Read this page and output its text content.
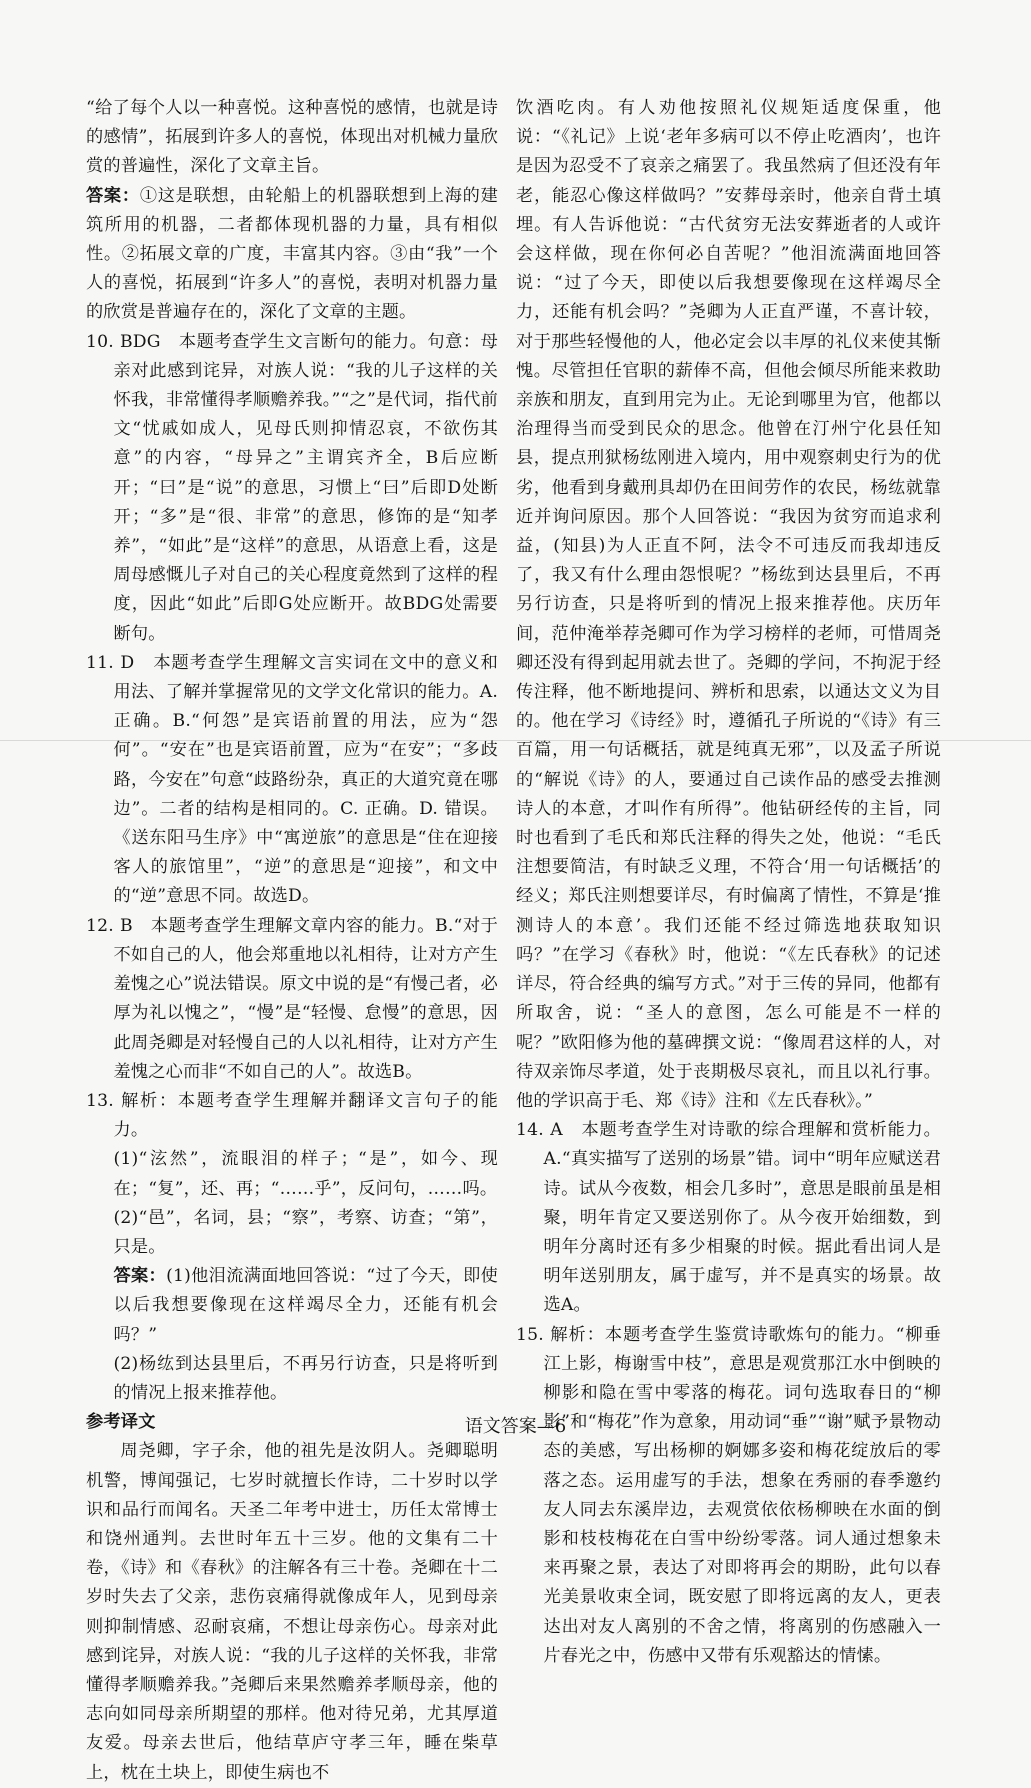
“给了每个人以一种喜悦。这种喜悦的感情，也就是诗的感情”，拓展到许多人的喜悦，体现出对机械力量欣赏的普遍性，深化了文章主旨。

答案：①这是联想，由轮船上的机器联想到上海的建筑所用的机器，二者都体现机器的力量，具有相似性。②拓展文章的广度，丰富其内容。③由“我”一个人的喜悦，拓展到“许多人”的喜悦，表明对机器力量的欣赏是普遍存在的，深化了文章的主题。

10. BDG　本题考查学生文言断句的能力。句意：母亲对此感到诧异，对族人说：“我的儿子这样的关怀我，非常懂得孝顺赡养我。”“之”是代词，指代前文“忧戚如成人，见母氏则抑情忍哀，不欲伤其意”的内容，“母异之”主谓宾齐全，B后应断开；“曰”是“说”的意思，习惯上“曰”后即D处断开；“多”是“很、非常”的意思，修饰的是“知孝养”，“如此”是“这样”的意思，从语意上看，这是周母感慨儿子对自己的关心程度竟然到了这样的程度，因此“如此”后即G处应断开。故BDG处需要断句。

11. D　本题考查学生理解文言实词在文中的意义和用法、了解并掌握常见的文学文化常识的能力。A. 正确。B.“何怨”是宾语前置的用法，应为“怨何”。“安在”也是宾语前置，应为“在安”；“多歧路，今安在”句意“歧路纷杂，真正的大道究竟在哪边”。二者的结构是相同的。C. 正确。D. 错误。《送东阳马生序》中“寓逆旅”的意思是“住在迎接客人的旅馆里”，“逆”的意思是“迎接”，和文中的“逆”意思不同。故选D。

12. B　本题考查学生理解文章内容的能力。B.“对于不如自己的人，他会郑重地以礼相待，让对方产生羞愧之心”说法错误。原文中说的是“有慢己者，必厚为礼以愧之”，“慢”是“轻慢、怠慢”的意思，因此周尧卿是对轻慢自己的人以礼相待，让对方产生羞愧之心而非“不如自己的人”。故选B。

13. 解析：本题考查学生理解并翻译文言句子的能力。

(1)“泫然”，流眼泪的样子；“是”，如今、现在；“复”，还、再；“……乎”，反问句，……吗。

(2)“邑”，名词，县；“察”，考察、访查；“第”，只是。

答案：(1)他泪流满面地回答说：“过了今天，即使以后我想要像现在这样竭尽全力，还能有机会吗？”

(2)杨纮到达县里后，不再另行访查，只是将听到的情况上报来推荐他。

参考译文

周尧卿，字子余，他的祖先是汝阴人。尧卿聪明机警，博闻强记，七岁时就擅长作诗，二十岁时以学识和品行而闻名。天圣二年考中进士，历任太常博士和饶州通判。去世时年五十三岁。他的文集有二十卷，《诗》和《春秋》的注解各有三十卷。尧卿在十二岁时失去了父亲，悲伤哀痛得就像成年人，见到母亲则抑制情感、忍耐哀痛，不想让母亲伤心。母亲对此感到诧异，对族人说：“我的儿子这样的关怀我，非常懂得孝顺赡养我。”尧卿后来果然赡养孝顺母亲，他的志向如同母亲所期望的那样。他对待兄弟，尤其厚道友爱。母亲去世后，他结草庐守孝三年，睡在柴草上，枕在土块上，即使生病也不

饮酒吃肉。有人劝他按照礼仪规矩适度保重，他说：“《礼记》上说‘老年多病可以不停止吃酒肉’，也许是因为忍受不了哀亲之痛罢了。我虽然病了但还没有年老，能忍心像这样做吗？”安葬母亲时，他亲自背土填埋。有人告诉他说：“古代贫穷无法安葬逝者的人或许会这样做，现在你何必自苦呢？”他泪流满面地回答说：“过了今天，即使以后我想要像现在这样竭尽全力，还能有机会吗？”尧卿为人正直严谨，不喜计较，对于那些轻慢他的人，他必定会以丰厚的礼仪来使其惭愧。尽管担任官职的薪俸不高，但他会倾尽所能来救助亲族和朋友，直到用完为止。无论到哪里为官，他都以治理得当而受到民众的思念。他曾在汀州宁化县任知县，提点刑狱杨纮刚进入境内，用中观察刺史行为的优劣，他看到身戴刑具却仍在田间劳作的农民，杨纮就靠近并询问原因。那个人回答说：“我因为贫穷而追求利益，(知县)为人正直不阿，法令不可违反而我却违反了，我又有什么理由怨恨呢？”杨纮到达县里后，不再另行访查，只是将听到的情况上报来推荐他。庆历年间，范仲淹举荐尧卿可作为学习榜样的老师，可惜周尧卿还没有得到起用就去世了。尧卿的学问，不拘泥于经传注释，他不断地提问、辨析和思索，以通达文义为目的。他在学习《诗经》时，遵循孔子所说的“《诗》有三百篇，用一句话概括，就是纯真无邪”，以及孟子所说的“解说《诗》的人，要通过自己读作品的感受去推测诗人的本意，才叫作有所得”。他钻研经传的主旨，同时也看到了毛氏和郑氏注释的得失之处，他说：“毛氏注想要简洁，有时缺乏义理，不符合‘用一句话概括’的经义；郑氏注则想要详尽，有时偏离了情性，不算是‘推测诗人的本意’。我们还能不经过筛选地获取知识吗？”在学习《春秋》时，他说：“《左氏春秋》的记述详尽，符合经典的编写方式。”对于三传的异同，他都有所取舍，说：“圣人的意图，怎么可能是不一样的呢？”欧阳修为他的墓碑撰文说：“像周君这样的人，对待双亲饰尽孝道，处于丧期极尽哀礼，而且以礼行事。他的学识高于毛、郑《诗》注和《左氏春秋》。”

14. A　本题考查学生对诗歌的综合理解和赏析能力。A.“真实描写了送别的场景”错。词中“明年应赋送君诗。试从今夜数，相会几多时”，意思是眼前虽是相聚，明年肯定又要送别你了。从今夜开始细数，到明年分离时还有多少相聚的时候。据此看出词人是明年送别朋友，属于虚写，并不是真实的场景。故选A。

15. 解析：本题考查学生鉴赏诗歌炼句的能力。“柳垂江上影，梅谢雪中枝”，意思是观赏那江水中倒映的柳影和隐在雪中零落的梅花。词句选取春日的“柳影”和“梅花”作为意象，用动词“垂”“谢”赋予景物动态的美感，写出杨柳的婀娜多姿和梅花绽放后的零落之态。运用虚写的手法，想象在秀丽的春季邀约友人同去东溪岸边，去观赏依依杨柳映在水面的倒影和枝枝梅花在白雪中纷纷零落。词人通过想象未来再聚之景，表达了对即将再会的期盼，此句以春光美景收束全词，既安慰了即将远离的友人，更表达出对友人离别的不舍之情，将离别的伤感融入一片春光之中，伤感中又带有乐观豁达的情愫。

语文答案—6
